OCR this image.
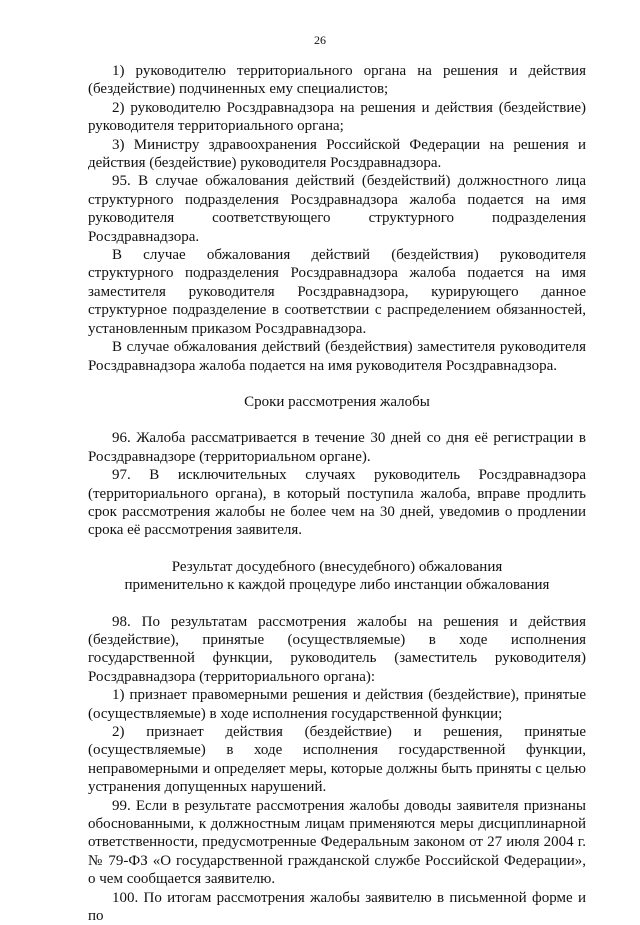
26

1) руководителю территориального органа на решения и действия (бездействие) подчиненных ему специалистов;

2) руководителю Росздравнадзора на решения и действия (бездействие) руководителя территориального органа;

3) Министру здравоохранения Российской Федерации на решения и действия (бездействие) руководителя Росздравнадзора.

95. В случае обжалования действий (бездействий) должностного лица структурного подразделения Росздравнадзора жалоба подается на имя руководителя соответствующего структурного подразделения Росздравнадзора.

В случае обжалования действий (бездействия) руководителя структурного подразделения Росздравнадзора жалоба подается на имя заместителя руководителя Росздравнадзора, курирующего данное структурное подразделение в соответствии с распределением обязанностей, установленным приказом Росздравнадзора.

В случае обжалования действий (бездействия) заместителя руководителя Росздравнадзора жалоба подается на имя руководителя Росздравнадзора.

Сроки рассмотрения жалобы

96. Жалоба рассматривается в течение 30 дней со дня её регистрации в Росздравнадзоре (территориальном органе).

97. В исключительных случаях руководитель Росздравнадзора (территориального органа), в который поступила жалоба, вправе продлить срок рассмотрения жалобы не более чем на 30 дней, уведомив о продлении срока её рассмотрения заявителя.

Результат досудебного (внесудебного) обжалования
применительно к каждой процедуре либо инстанции обжалования

98. По результатам рассмотрения жалобы на решения и действия (бездействие), принятые (осуществляемые) в ходе исполнения государственной функции, руководитель (заместитель руководителя) Росздравнадзора (территориального органа):

1) признает правомерными решения и действия (бездействие), принятые (осуществляемые) в ходе исполнения государственной функции;

2) признает действия (бездействие) и решения, принятые (осуществляемые) в ходе исполнения государственной функции, неправомерными и определяет меры, которые должны быть приняты с целью устранения допущенных нарушений.

99. Если в результате рассмотрения жалобы доводы заявителя признаны обоснованными, к должностным лицам применяются меры дисциплинарной ответственности, предусмотренные Федеральным законом от 27 июля 2004 г. № 79-ФЗ «О государственной гражданской службе Российской Федерации», о чем сообщается заявителю.

100. По итогам рассмотрения жалобы заявителю в письменной форме и по
